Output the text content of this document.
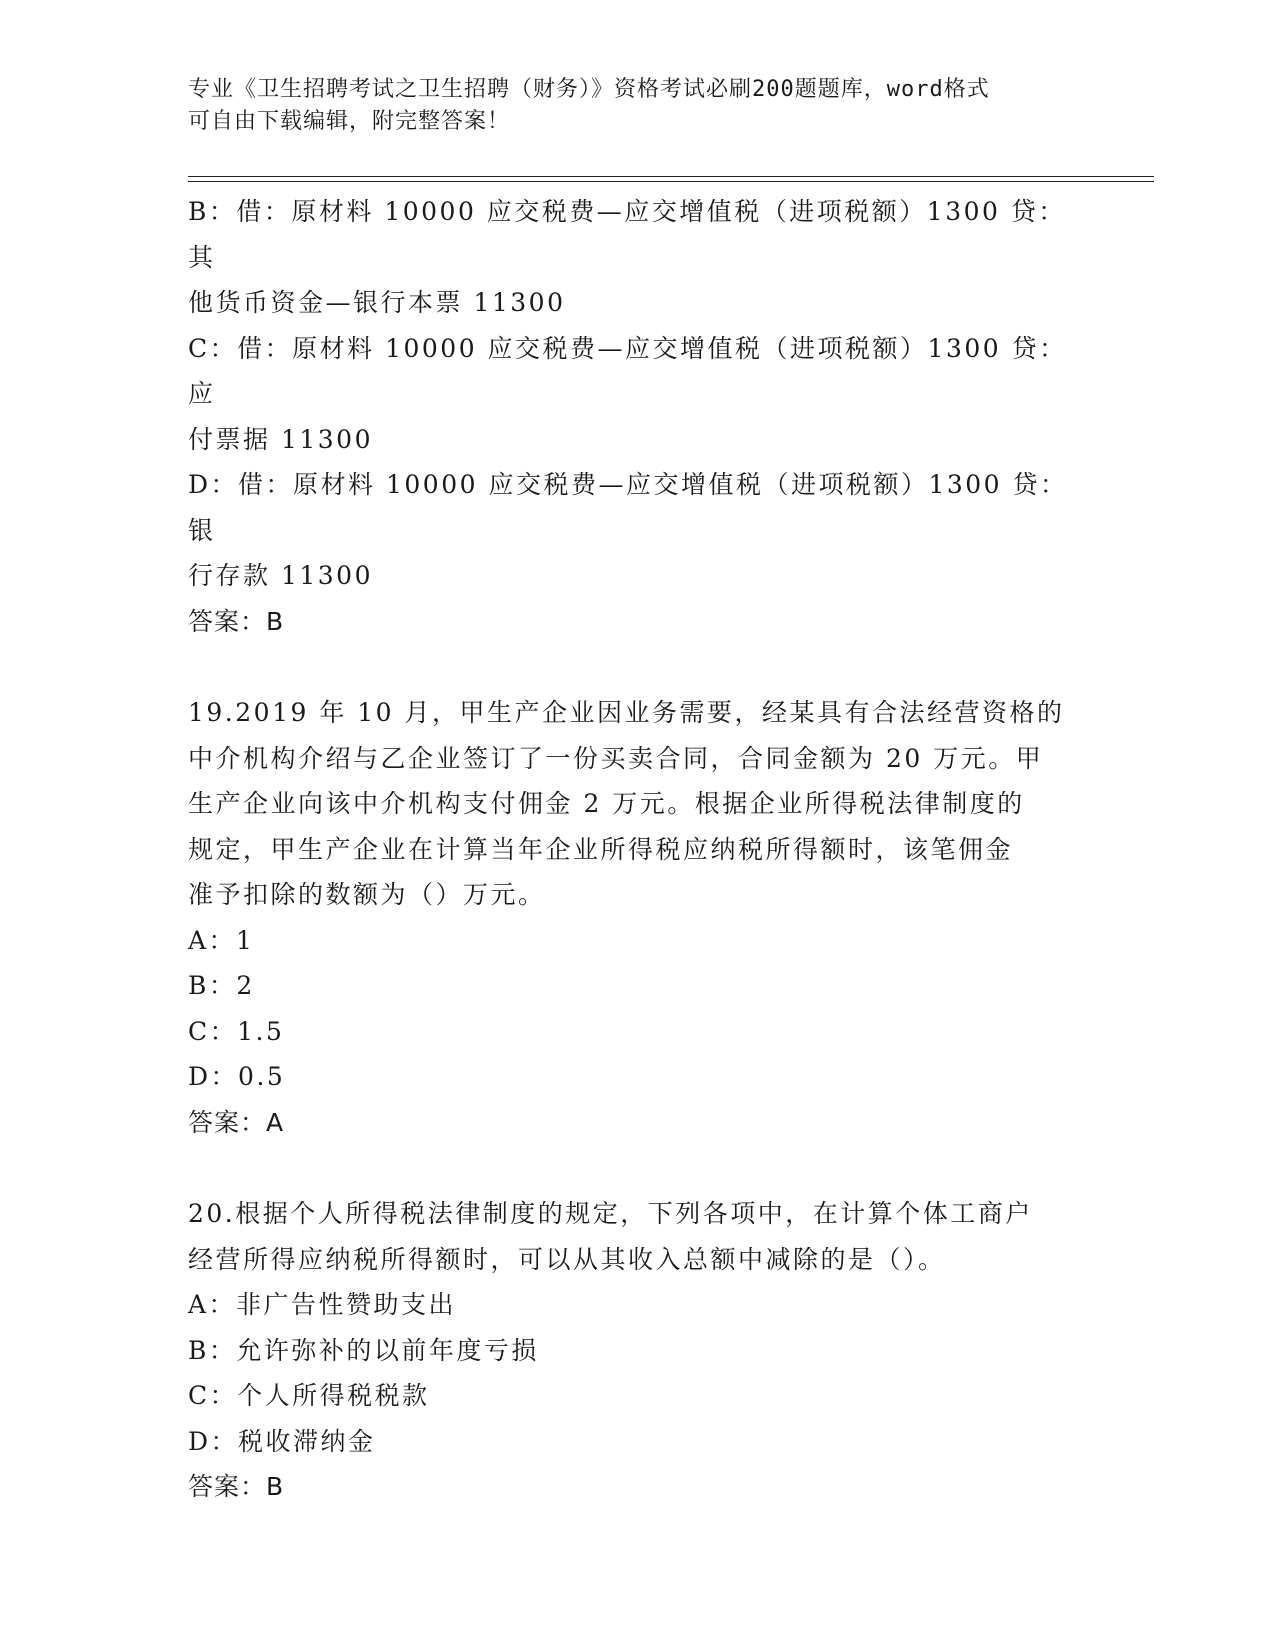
专业《卫生招聘考试之卫生招聘（财务）》资格考试必刷200题题库，word格式
可自由下载编辑，附完整答案！

B：借：原材料 10000 应交税费—应交增值税（进项税额）1300 贷：其

他货币资金—银行本票 11300

C：借：原材料 10000 应交税费—应交增值税（进项税额）1300 贷：应

付票据 11300

D：借：原材料 10000 应交税费—应交增值税（进项税额）1300 贷：银

行存款 11300

答案：B

19.2019 年 10 月，甲生产企业因业务需要，经某具有合法经营资格的

中介机构介绍与乙企业签订了一份买卖合同，合同金额为 20 万元。甲

生产企业向该中介机构支付佣金 2 万元。根据企业所得税法律制度的

规定，甲生产企业在计算当年企业所得税应纳税所得额时，该笔佣金

准予扣除的数额为（）万元。

A：1

B：2

C：1.5

D：0.5

答案：A

20.根据个人所得税法律制度的规定，下列各项中，在计算个体工商户

经营所得应纳税所得额时，可以从其收入总额中减除的是（）。

A：非广告性赞助支出

B：允许弥补的以前年度亏损

C：个人所得税税款

D：税收滞纳金

答案：B
